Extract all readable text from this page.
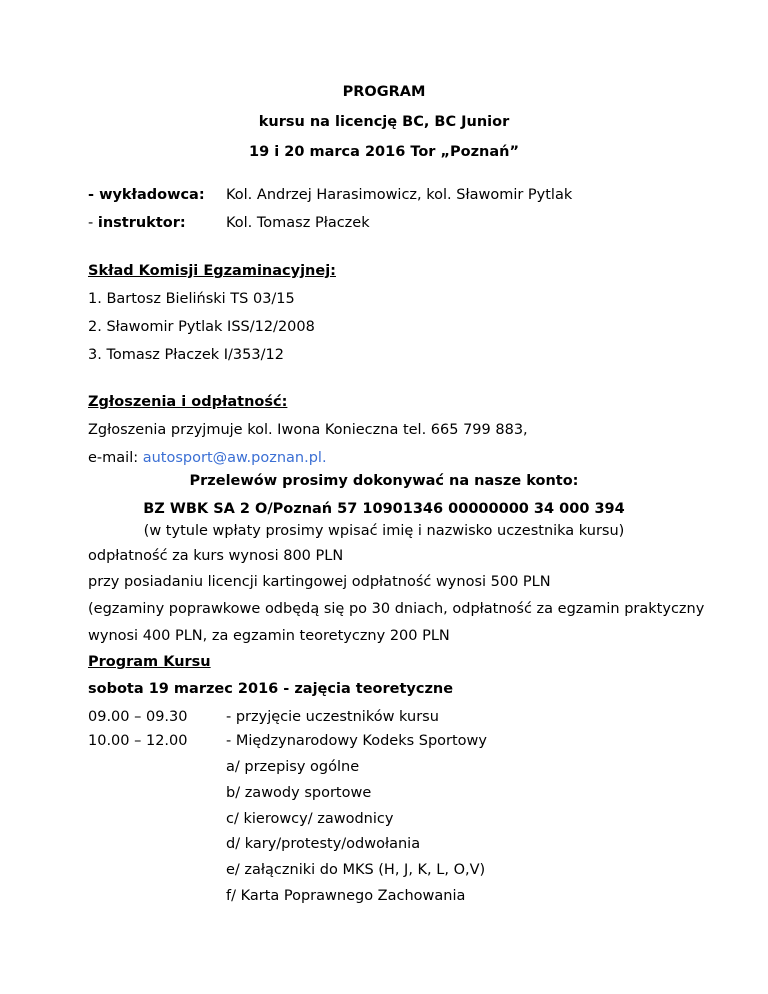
PROGRAM
kursu na licencję BC, BC Junior
19 i 20 marca 2016 Tor „Poznań”
- wykładowca: Kol. Andrzej Harasimowicz, kol. Sławomir Pytlak
- instruktor:	Kol. Tomasz Płaczek
Skład Komisji Egzaminacyjnej:
1. Bartosz Bieliński TS 03/15
2. Sławomir Pytlak ISS/12/2008
3. Tomasz Płaczek I/353/12
Zgłoszenia i odpłatność:
Zgłoszenia przyjmuje kol. Iwona Konieczna tel. 665 799 883,
e-mail: autosport@aw.poznan.pl.
Przelewów prosimy dokonywać na nasze konto:
BZ WBK SA 2 O/Poznań 57 10901346 00000000 34 000 394
(w tytule wpłaty prosimy wpisać imię i nazwisko uczestnika kursu)
odpłatność za kurs wynosi 800 PLN
przy posiadaniu licencji kartingowej odpłatność wynosi 500 PLN
(egzaminy poprawkowe odbędą się po 30 dniach, odpłatność za egzamin praktyczny
wynosi 400 PLN, za egzamin teoretyczny 200 PLN
Program Kursu
sobota 19 marzec 2016 - zajęcia teoretyczne
09.00 – 09.30	- przyjęcie uczestników kursu
10.00 – 12.00	- Międzynarodowy Kodeks Sportowy
a/ przepisy ogólne
b/ zawody sportowe
c/ kierowcy/ zawodnicy
d/ kary/protesty/odwołania
e/ załączniki do MKS (H, J, K, L, O,V)
f/ Karta Poprawnego Zachowania
